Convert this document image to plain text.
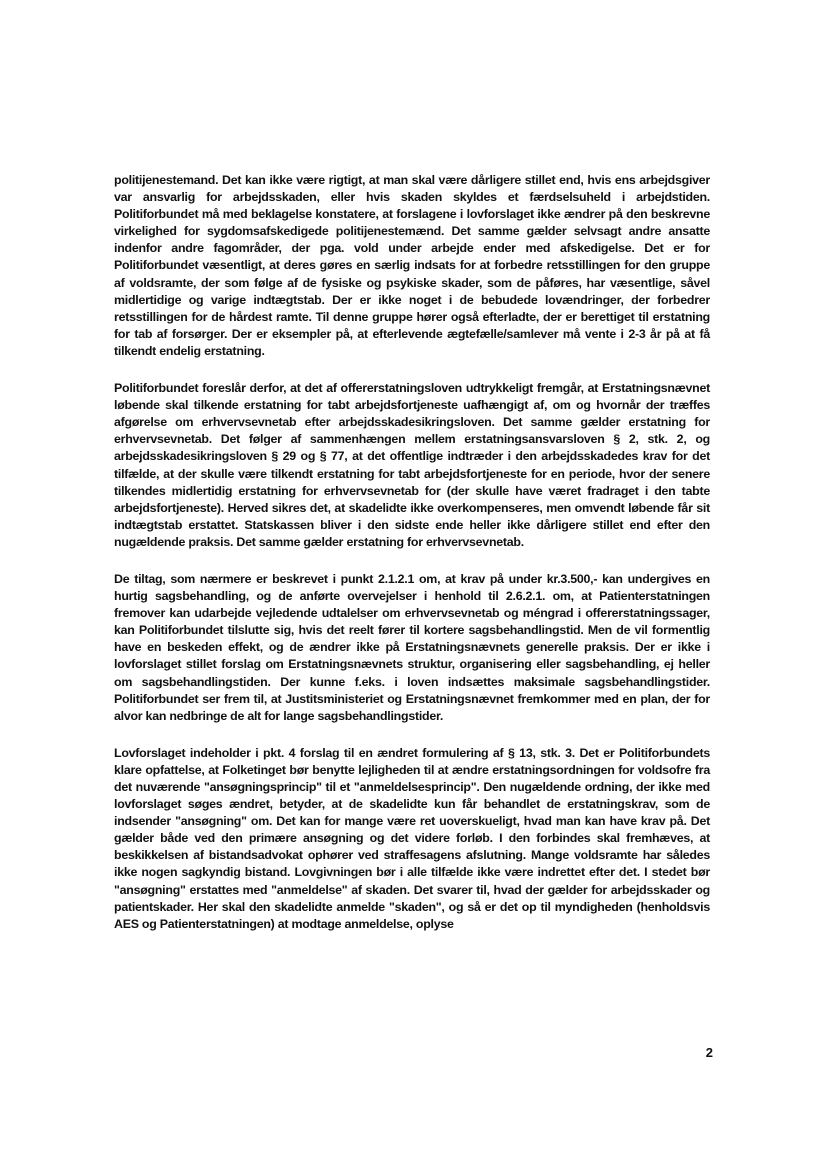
politijenestemand. Det kan ikke være rigtigt, at man skal være dårligere stillet end, hvis ens arbejdsgiver var ansvarlig for arbejdsskaden, eller hvis skaden skyldes et færdselsuheld i arbejdstiden. Politiforbundet må med beklagelse konstatere, at forslagene i lovforslaget ikke ændrer på den beskrevne virkelighed for sygdomsafskedigede politijenestemænd. Det samme gælder selvsagt andre ansatte indenfor andre fagområder, der pga. vold under arbejde ender med afskedigelse. Det er for Politiforbundet væsentligt, at deres gøres en særlig indsats for at forbedre retsstillingen for den gruppe af voldsramte, der som følge af de fysiske og psykiske skader, som de påføres, har væsentlige, såvel midlertidige og varige indtægtstab. Der er ikke noget i de bebudede lovændringer, der forbedrer retsstillingen for de hårdest ramte. Til denne gruppe hører også efterladte, der er berettiget til erstatning for tab af forsørger. Der er eksempler på, at efterlevende ægtefælle/samlever må vente i 2-3 år på at få tilkendt endelig erstatning.

Politiforbundet foreslår derfor, at det af offererstatningsloven udtrykkeligt fremgår, at Erstatningsnævnet løbende skal tilkende erstatning for tabt arbejdsfortjeneste uafhængigt af, om og hvornår der træffes afgørelse om erhvervsevnetab efter arbejdsskadesikringsloven. Det samme gælder erstatning for erhvervsevnetab. Det følger af sammenhængen mellem erstatningsansvarsloven § 2, stk. 2, og arbejdsskadesikringsloven § 29 og § 77, at det offentlige indtræder i den arbejdsskadedes krav for det tilfælde, at der skulle være tilkendt erstatning for tabt arbejdsfortjeneste for en periode, hvor der senere tilkendes midlertidig erstatning for erhvervsevnetab for (der skulle have været fradraget i den tabte arbejdsfortjeneste). Herved sikres det, at skadelidte ikke overkompenseres, men omvendt løbende får sit indtægtstab erstattet. Statskassen bliver i den sidste ende heller ikke dårligere stillet end efter den nugældende praksis. Det samme gælder erstatning for erhvervsevnetab.

De tiltag, som nærmere er beskrevet i punkt 2.1.2.1 om, at krav på under kr.3.500,- kan undergives en hurtig sagsbehandling, og de anførte overvejelser i henhold til 2.6.2.1. om, at Patienterstatningen fremover kan udarbejde vejledende udtalelser om erhvervsevnetab og méngrad i offererstatningssager, kan Politiforbundet tilslutte sig, hvis det reelt fører til kortere sagsbehandlingstid. Men de vil formentlig have en beskeden effekt, og de ændrer ikke på Erstatningsnævnets generelle praksis. Der er ikke i lovforslaget stillet forslag om Erstatningsnævnets struktur, organisering eller sagsbehandling, ej heller om sagsbehandlingstiden. Der kunne f.eks. i loven indsættes maksimale sagsbehandlingstider. Politiforbundet ser frem til, at Justitsministeriet og Erstatningsnævnet fremkommer med en plan, der for alvor kan nedbringe de alt for lange sagsbehandlingstider.

Lovforslaget indeholder i pkt. 4 forslag til en ændret formulering af § 13, stk. 3. Det er Politiforbundets klare opfattelse, at Folketinget bør benytte lejligheden til at ændre erstatningsordningen for voldsofre fra det nuværende "ansøgningsprincip" til et "anmeldelsesprincip". Den nugældende ordning, der ikke med lovforslaget søges ændret, betyder, at de skadelidte kun får behandlet de erstatningskrav, som de indsender "ansøgning" om. Det kan for mange være ret uoverskueligt, hvad man kan have krav på. Det gælder både ved den primære ansøgning og det videre forløb. I den forbindes skal fremhæves, at beskikkelsen af bistandsadvokat ophører ved straffesagens afslutning. Mange voldsramte har således ikke nogen sagkyndig bistand. Lovgivningen bør i alle tilfælde ikke være indrettet efter det. I stedet bør "ansøgning" erstattes med "anmeldelse" af skaden. Det svarer til, hvad der gælder for arbejdsskader og patientskader. Her skal den skadelidte anmelde "skaden", og så er det op til myndigheden (henholdsvis AES og Patienterstatningen) at modtage anmeldelse, oplyse

2
